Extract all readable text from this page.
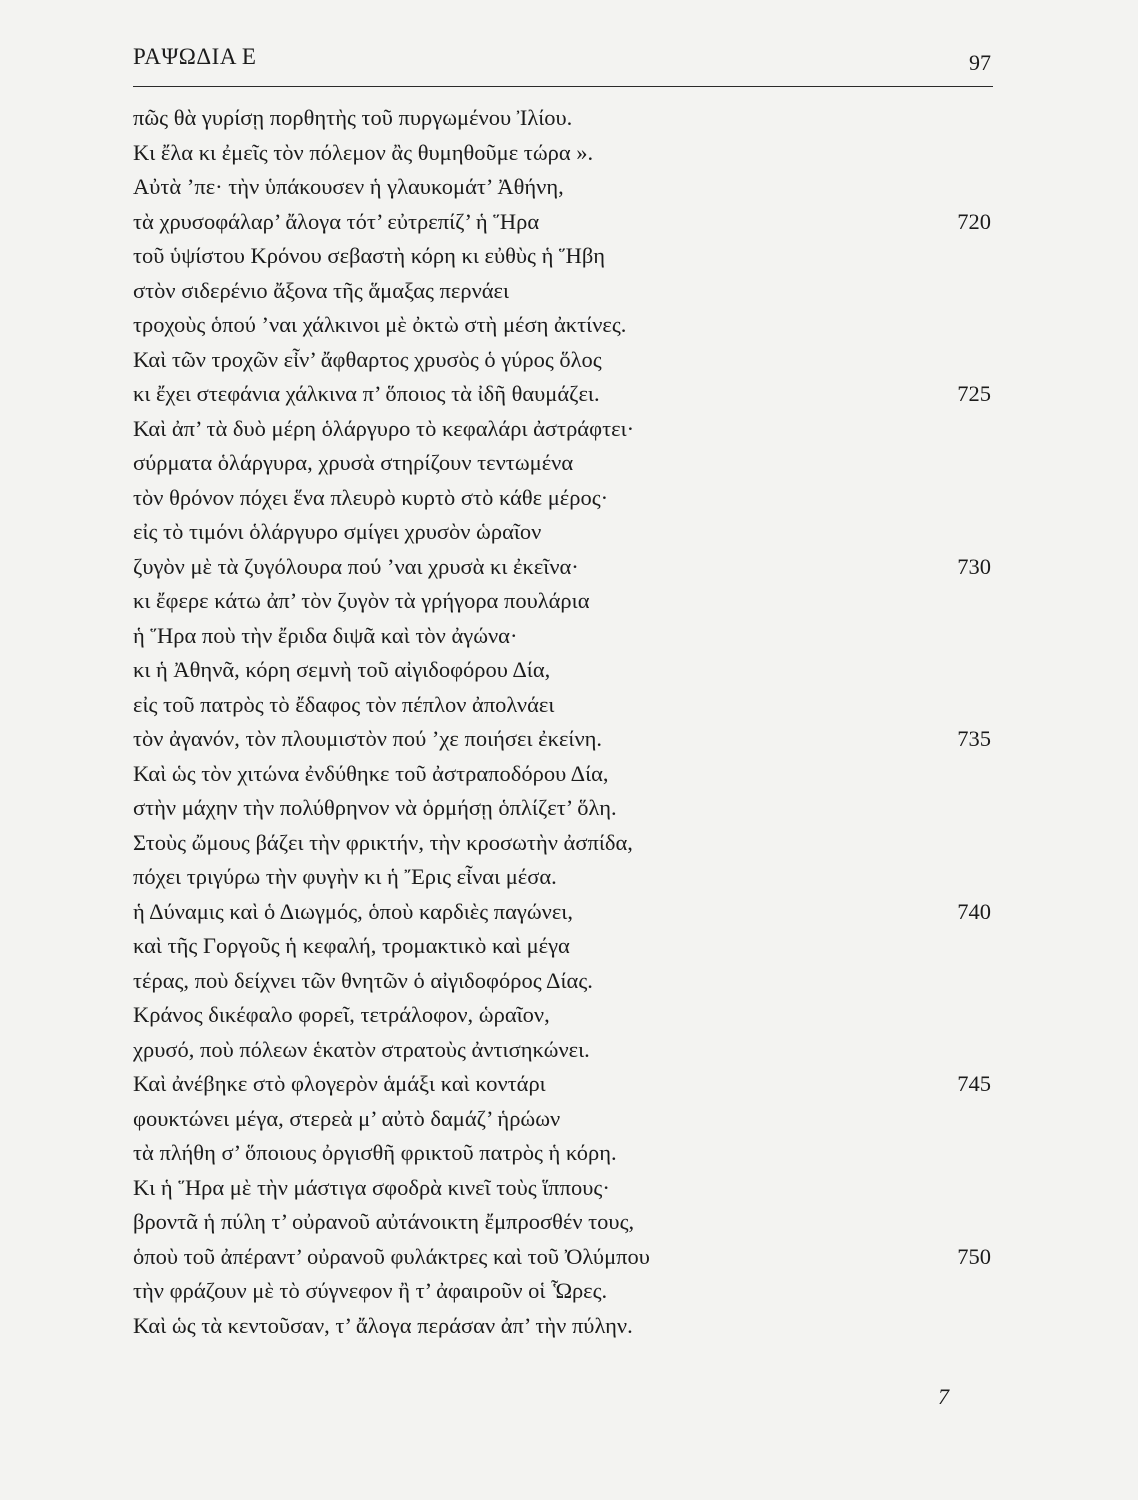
ΡΑΨΩΔΙΑ Ε	97
πῶς θὰ γυρίσῃ πορθητὴς τοῦ πυργωμένου Ἰλίου.
Κι ἔλα κι ἐμεῖς τὸν πόλεμον ἂς θυμηθοῦμε τώρα ».
Αὐτὰ ’πε· τὴν ὑπάκουσεν ἡ γλαυκομάτ’ Ἀθήνη,
τὰ χρυσοφάλαρ’ ἄλογα τότ’ εὐτρεπίζ’ ἡ Ἥρα	720
τοῦ ὑψίστου Κρόνου σεβαστὴ κόρη κι εὐθὺς ἡ Ἥβη
στὸν σιδερένιο ἄξονα τῆς ἅμαξας περνάει
τροχοὺς ὁπού ’ναι χάλκινοι μὲ ὀκτὼ στὴ μέση ἀκτίνες.
Καὶ τῶν τροχῶν εἶν’ ἄφθαρτος χρυσὸς ὁ γύρος ὅλος
κι ἔχει στεφάνια χάλκινα π’ ὅποιος τὰ ἰδῆ θαυμάζει.	725
Καὶ ἀπ’ τὰ δυὸ μέρη ὁλάργυρο τὸ κεφαλάρι ἀστράφτει·
σύρματα ὁλάργυρα, χρυσὰ στηρίζουν τεντωμένα
τὸν θρόνον πόχει ἕνα πλευρὸ κυρτὸ στὸ κάθε μέρος·
εἰς τὸ τιμόνι ὁλάργυρο σμίγει χρυσὸν ὡραῖον
ζυγὸν μὲ τὰ ζυγόλουρα πού ’ναι χρυσὰ κι ἐκεῖνα·	730
κι ἔφερε κάτω ἀπ’ τὸν ζυγὸν τὰ γρήγορα πουλάρια
ἡ Ἥρα ποὺ τὴν ἔριδα διψᾶ καὶ τὸν ἀγώνα·
κι ἡ Ἀθηνᾶ, κόρη σεμνὴ τοῦ αἰγιδοφόρου Δία,
εἰς τοῦ πατρὸς τὸ ἔδαφος τὸν πέπλον ἀπολνάει
τὸν ἀγανόν, τὸν πλουμιστὸν πού ’χε ποιήσει ἐκείνη.	735
Καὶ ὡς τὸν χιτώνα ἐνδύθηκε τοῦ ἀστραποδόρου Δία,
στὴν μάχην τὴν πολύθρηνον νὰ ὁρμήσῃ ὁπλίζετ’ ὅλη.
Στοὺς ὤμους βάζει τὴν φρικτήν, τὴν κροσωτὴν ἀσπίδα,
πόχει τριγύρω τὴν φυγὴν κι ἡ Ἔρις εἶναι μέσα.
ἡ Δύναμις καὶ ὁ Διωγμός, ὁποὺ καρδιὲς παγώνει,	740
καὶ τῆς Γοργοῦς ἡ κεφαλή, τρομακτικὸ καὶ μέγα
τέρας, ποὺ δείχνει τῶν θνητῶν ὁ αἰγιδοφόρος Δίας.
Κράνος δικέφαλο φορεῖ, τετράλοφον, ὡραῖον,
χρυσό, ποὺ πόλεων ἑκατὸν στρατοὺς ἀντισηκώνει.
Καὶ ἀνέβηκε στὸ φλογερὸν ἁμάξι καὶ κοντάρι	745
φουκτώνει μέγα, στερεὰ μ’ αὐτὸ δαμάζ’ ἡρώων
τὰ πλήθη σ’ ὅποιους ὀργισθῆ φρικτοῦ πατρὸς ἡ κόρη.
Κι ἡ Ἥρα μὲ τὴν μάστιγα σφοδρὰ κινεῖ τοὺς ἵππους·
βροντᾶ ἡ πύλη τ’ οὐρανοῦ αὐτάνοικτη ἔμπροσθέν τους,
ὁποὺ τοῦ ἀπέραντ’ οὐρανοῦ φυλάκτρες καὶ τοῦ Ὀλύμπου	750
τὴν φράζουν μὲ τὸ σύγνεφον ἢ τ’ ἀφαιροῦν οἱ Ὧρες.
Καὶ ὡς τὰ κεντοῦσαν, τ’ ἄλογα περάσαν ἀπ’ τὴν πύλην.
7
